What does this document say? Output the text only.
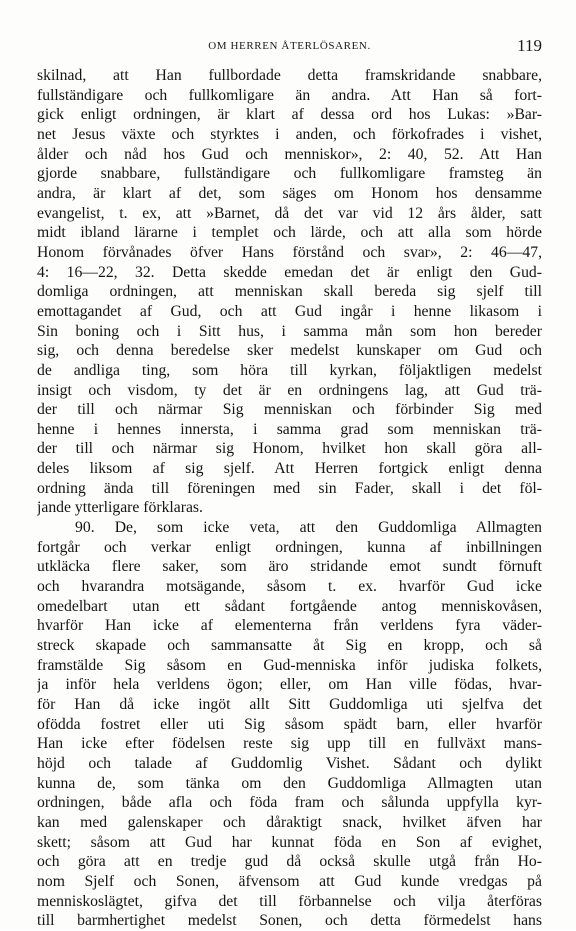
OM HERREN ÅTERLÖSAREN.	119
skilnad, att Han fullbordade detta framskridande snabbare,
fullständigare och fullkomligare än andra. Att Han så fort-
gick enligt ordningen, är klart af dessa ord hos Lukas: »Bar-
net Jesus växte och styrktes i anden, och förkofrades i vishet,
ålder och nåd hos Gud och menniskor», 2: 40, 52. Att Han
gjorde snabbare, fullständigare och fullkomligare framsteg än
andra, är klart af det, som säges om Honom hos densamme
evangelist, t. ex, att »Barnet, då det var vid 12 års ålder, satt
midt ibland lärarne i templet och lärde, och att alla som hörde
Honom förvånades öfver Hans förstånd och svar», 2: 46—47,
4: 16—22, 32. Detta skedde emedan det är enligt den Gud-
domliga ordningen, att menniskan skall bereda sig sjelf till
emottagandet af Gud, och att Gud ingår i henne likasom i
Sin boning och i Sitt hus, i samma mån som hon bereder
sig, och denna beredelse sker medelst kunskaper om Gud och
de andliga ting, som höra till kyrkan, följaktligen medelst
insigt och visdom, ty det är en ordningens lag, att Gud trä-
der till och närmar Sig menniskan och förbinder Sig med
henne i hennes innersta, i samma grad som menniskan trä-
der till och närmar sig Honom, hvilket hon skall göra all-
deles liksom af sig sjelf. Att Herren fortgick enligt denna
ordning ända till föreningen med sin Fader, skall i det föl-
jande ytterligare förklaras.
90. De, som icke veta, att den Guddomliga Allmagten
fortgår och verkar enligt ordningen, kunna af inbillningen
utkläcka flere saker, som äro stridande emot sundt förnuft
och hvarandra motsägande, såsom t. ex. hvarför Gud icke
omedelbart utan ett sådant fortgående antog menniskovåsen,
hvarför Han icke af elementerna från verldens fyra väder-
streck skapade och sammansatte åt Sig en kropp, och så
framstälde Sig såsom en Gud-menniska inför judiska folkets,
ja inför hela verldens ögon; eller, om Han ville födas, hvar-
för Han då icke ingöt allt Sitt Guddomliga uti sjelfva det
ofödda fostret eller uti Sig såsom spädt barn, eller hvarför
Han icke efter födelsen reste sig upp till en fullväxt mans-
höjd och talade af Guddomlig Vishet. Sådant och dylikt
kunna de, som tänka om den Guddomliga Allmagten utan
ordningen, både afla och föda fram och sålunda uppfylla kyr-
kan med galenskaper och dåraktigt snack, hvilket äfven har
skett; såsom att Gud har kunnat föda en Son af evighet,
och göra att en tredje gud då också skulle utgå från Ho-
nom Sjelf och Sonen, äfvensom att Gud kunde vredgas på
menniskoslägtet, gifva det till förbannelse och vilja återföras
till barmhertighet medelst Sonen, och detta förmedelst hans
